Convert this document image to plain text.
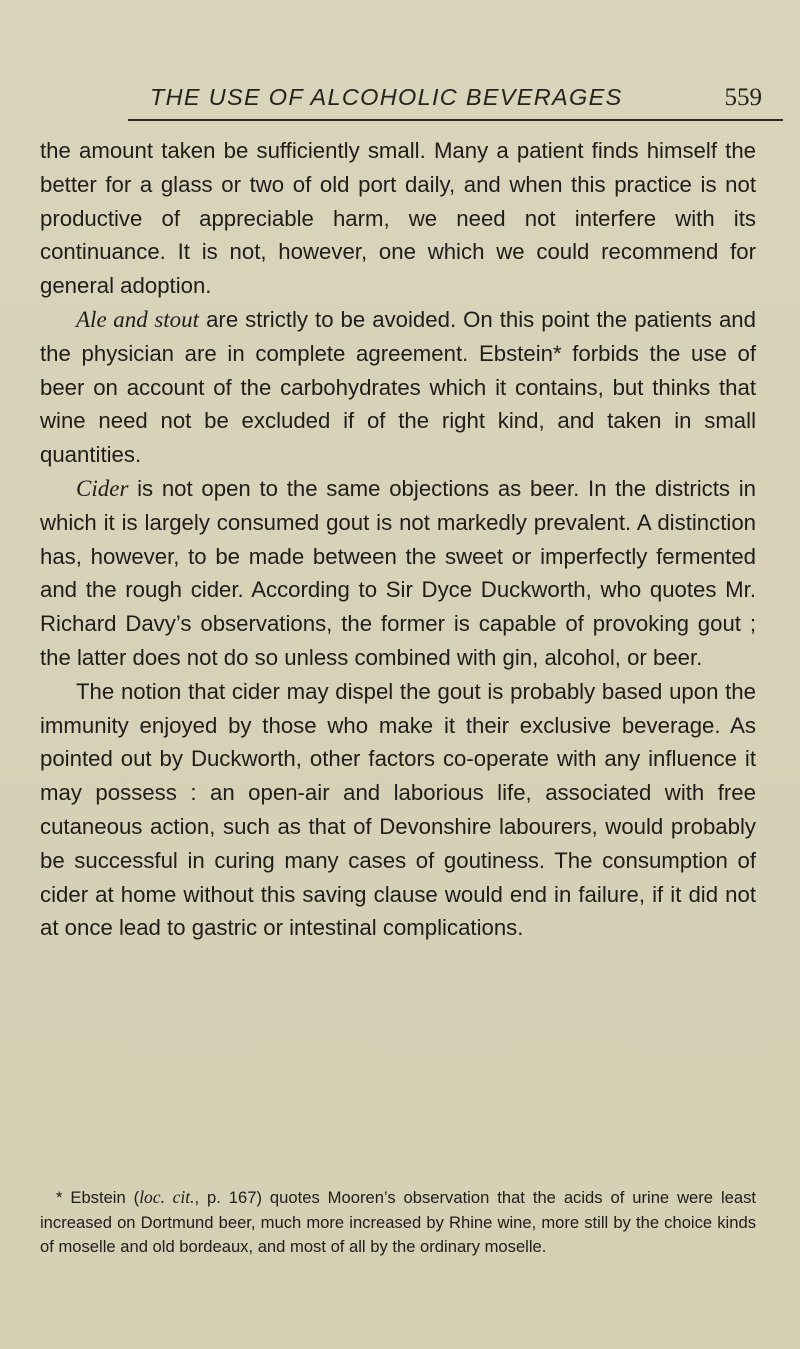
THE USE OF ALCOHOLIC BEVERAGES	559

the amount taken be sufficiently small. Many a patient finds himself the better for a glass or two of old port daily, and when this practice is not productive of appreciable harm, we need not interfere with its continuance. It is not, however, one which we could recommend for general adoption.

Ale and stout are strictly to be avoided. On this point the patients and the physician are in complete agreement. Ebstein* forbids the use of beer on account of the carbohydrates which it contains, but thinks that wine need not be excluded if of the right kind, and taken in small quantities.

Cider is not open to the same objections as beer. In the districts in which it is largely consumed gout is not markedly prevalent. A distinction has, however, to be made between the sweet or imperfectly fermented and the rough cider. According to Sir Dyce Duckworth, who quotes Mr. Richard Davy’s observations, the former is capable of provoking gout ; the latter does not do so unless combined with gin, alcohol, or beer.

The notion that cider may dispel the gout is probably based upon the immunity enjoyed by those who make it their exclusive beverage. As pointed out by Duckworth, other factors co-operate with any influence it may possess : an open-air and laborious life, associated with free cutaneous action, such as that of Devonshire labourers, would probably be successful in curing many cases of goutiness. The consumption of cider at home without this saving clause would end in failure, if it did not at once lead to gastric or intestinal complications.

* Ebstein (loc. cit., p. 167) quotes Mooren’s observation that the acids of urine were least increased on Dortmund beer, much more increased by Rhine wine, more still by the choice kinds of moselle and old bordeaux, and most of all by the ordinary moselle.
